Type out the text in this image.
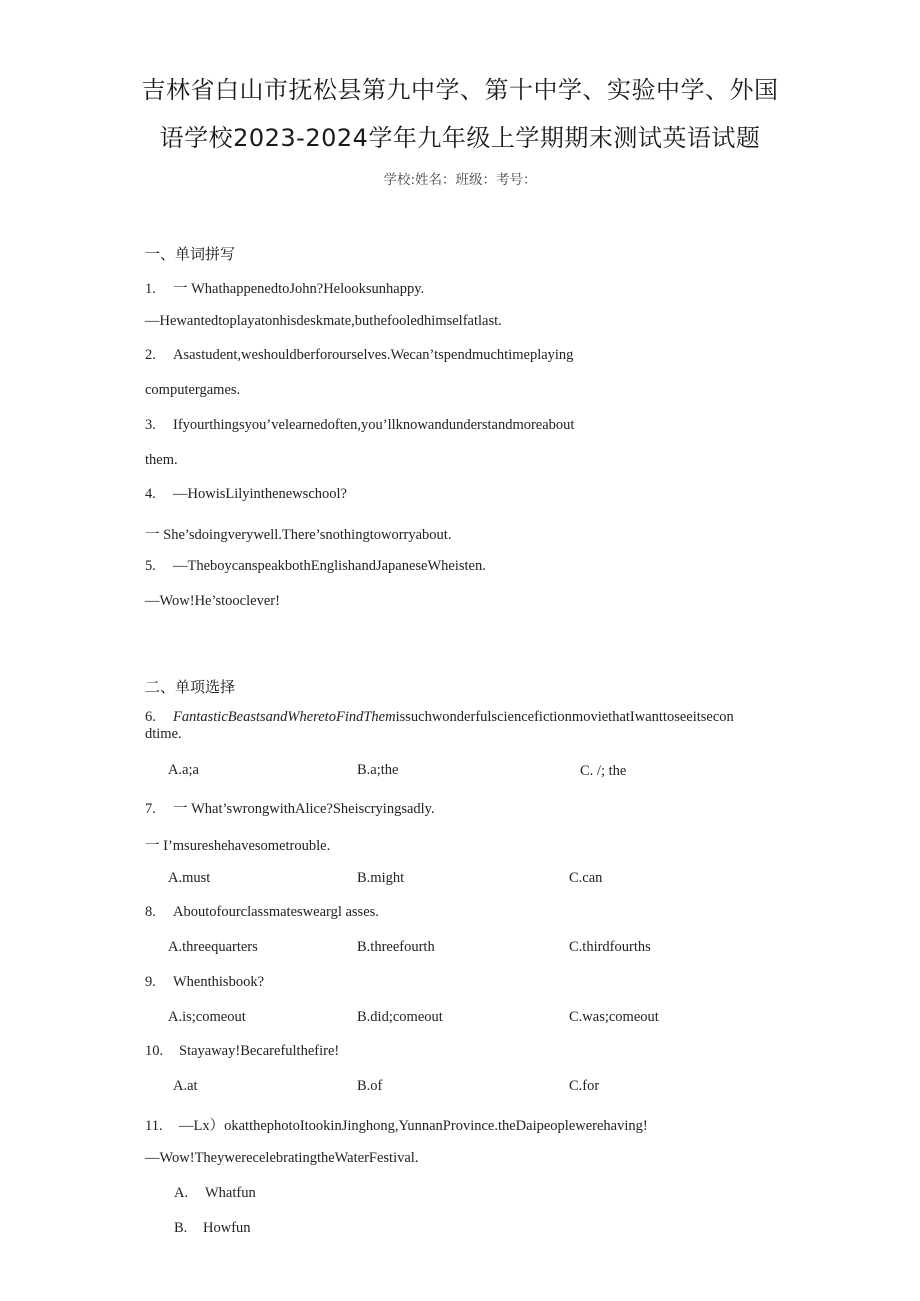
吉林省白山市抚松县第九中学、第十中学、实验中学、外国
语学校2023-2024学年九年级上学期期末测试英语试题
学校:姓名：班级：考号：
一、单词拼写
1. 一 WhathappenedtoJohn?Helooksunhappy.
—Hewantedtoplayatonhisdeskmate,buthefooledhimselfatlast.
2. Asastudent,weshouldberforourselves.Wecan’tspendmuchtimeplaying
computergames.
3. Ifyourthingsyou’velearnedoften,you’llknowandunderstandmoreabout
them.
4. —HowisLilyinthenewschool?
一 She’sdoingverywell.There’snothingtoworryabout.
5. —TheboycanspeakbothEnglishandJapaneseWheisten.
—Wow!He’stooclever!
二、单项选择
6. FantasticBeastsandWheretoFindThemissuchwonderfulsciencefictionmoviethatIwanttoseeitsecon
dtime.
A.a;a	B.a;the	C. /; the
7. 一 What’swrongwithAlice?Sheiscryingsadly.
一 I’msureshehavesometrouble.
A.must	B.might	C.can
8. Aboutofourclassmatesweargl asses.
A.threequarters	B.threefourth	C.thirdfourths
9. Whenthisbook?
A.is;comeout	B.did;comeout	C.was;comeout
10. Stayaway!Becarefulthefire!
A.at	B.of	C.for
11. —Lx）okatthephotoItookinJinghong,YunnanProvince.theDaipeoplewerehaving!
—Wow!TheywerecelebratingtheWaterFestival.
A. Whatfun
B. Howfun
